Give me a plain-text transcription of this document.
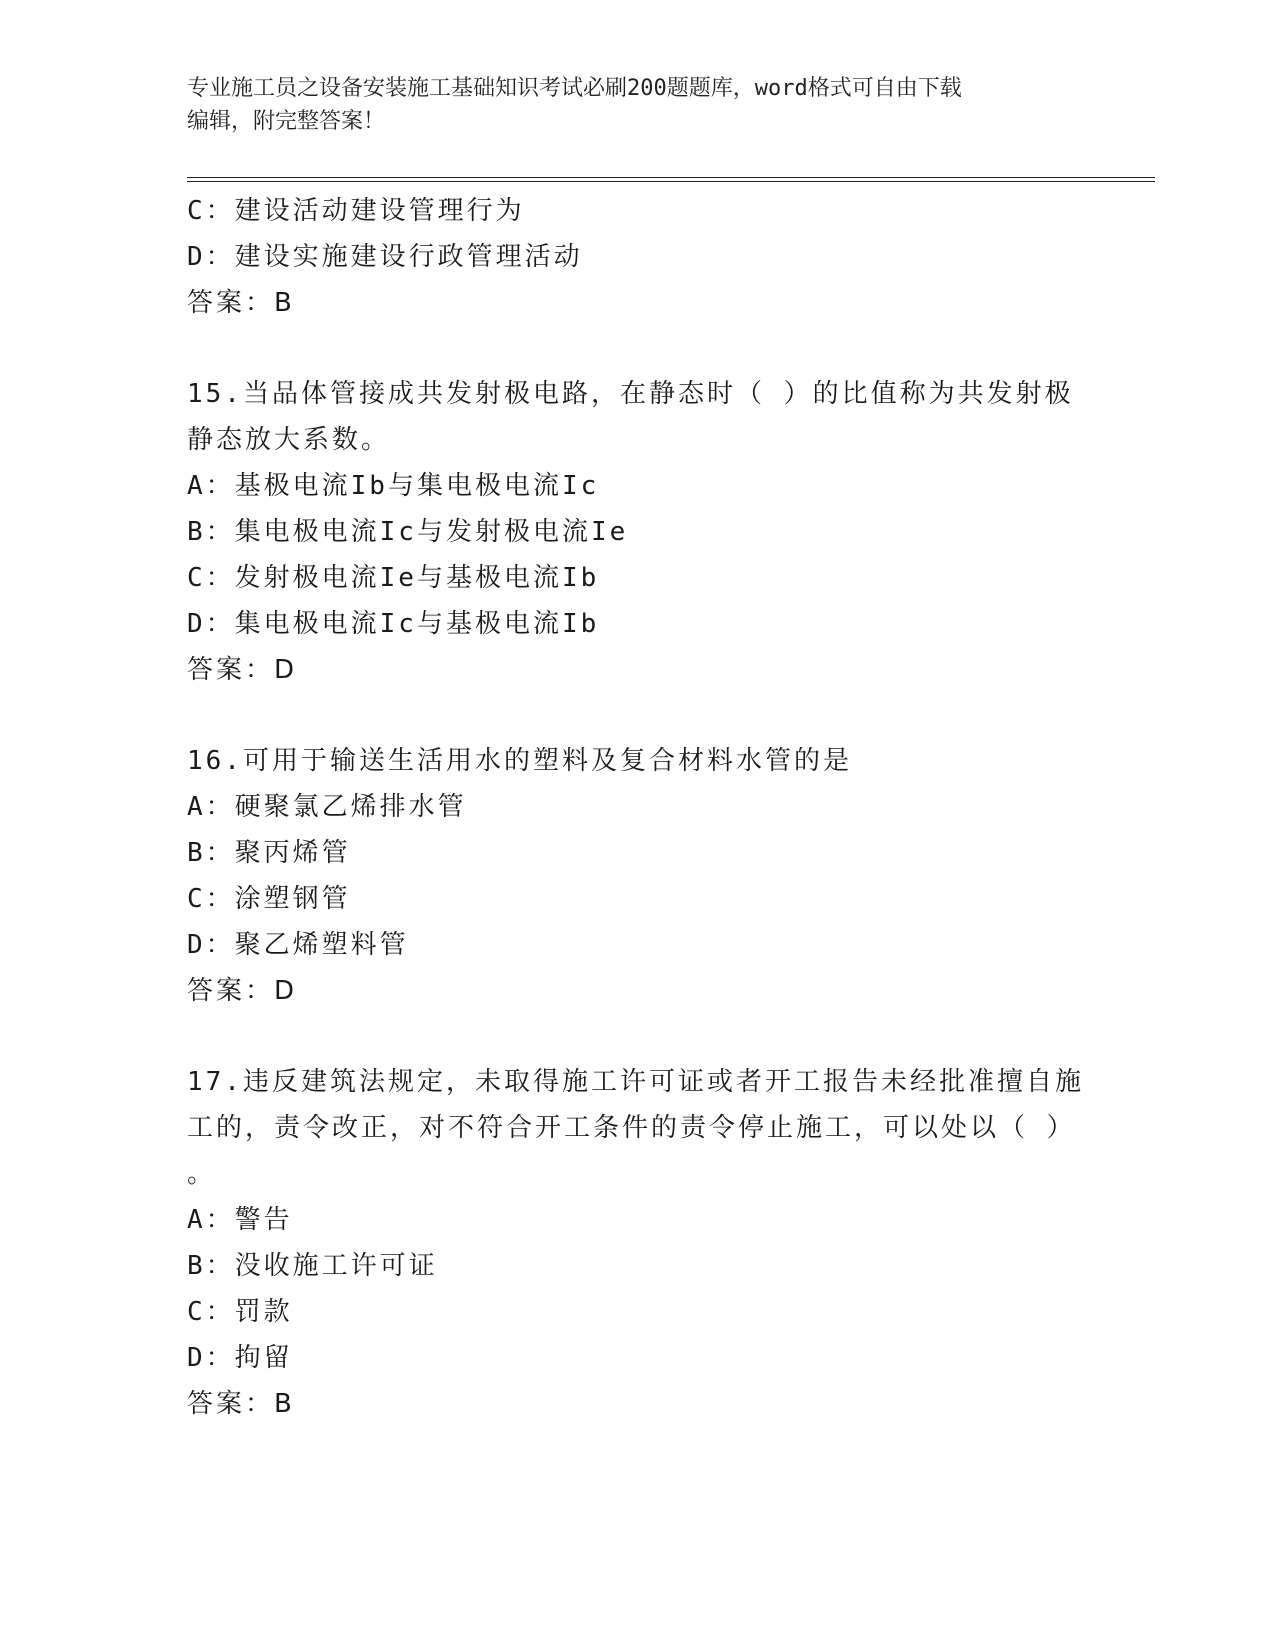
专业施工员之设备安装施工基础知识考试必刷200题题库，word格式可自由下载
编辑，附完整答案！
C：建设活动建设管理行为
D：建设实施建设行政管理活动
答案：B
15.当品体管接成共发射极电路，在静态时（ ）的比值称为共发射极
静态放大系数。
A：基极电流Ib与集电极电流Ic
B：集电极电流Ic与发射极电流Ie
C：发射极电流Ie与基极电流Ib
D：集电极电流Ic与基极电流Ib
答案：D
16.可用于输送生活用水的塑料及复合材料水管的是
A：硬聚氯乙烯排水管
B：聚丙烯管
C：涂塑钢管
D：聚乙烯塑料管
答案：D
17.违反建筑法规定，未取得施工许可证或者开工报告未经批准擅自施
工的，责令改正，对不符合开工条件的责令停止施工，可以处以（ ）
。
A：警告
B：没收施工许可证
C：罚款
D：拘留
答案：B
